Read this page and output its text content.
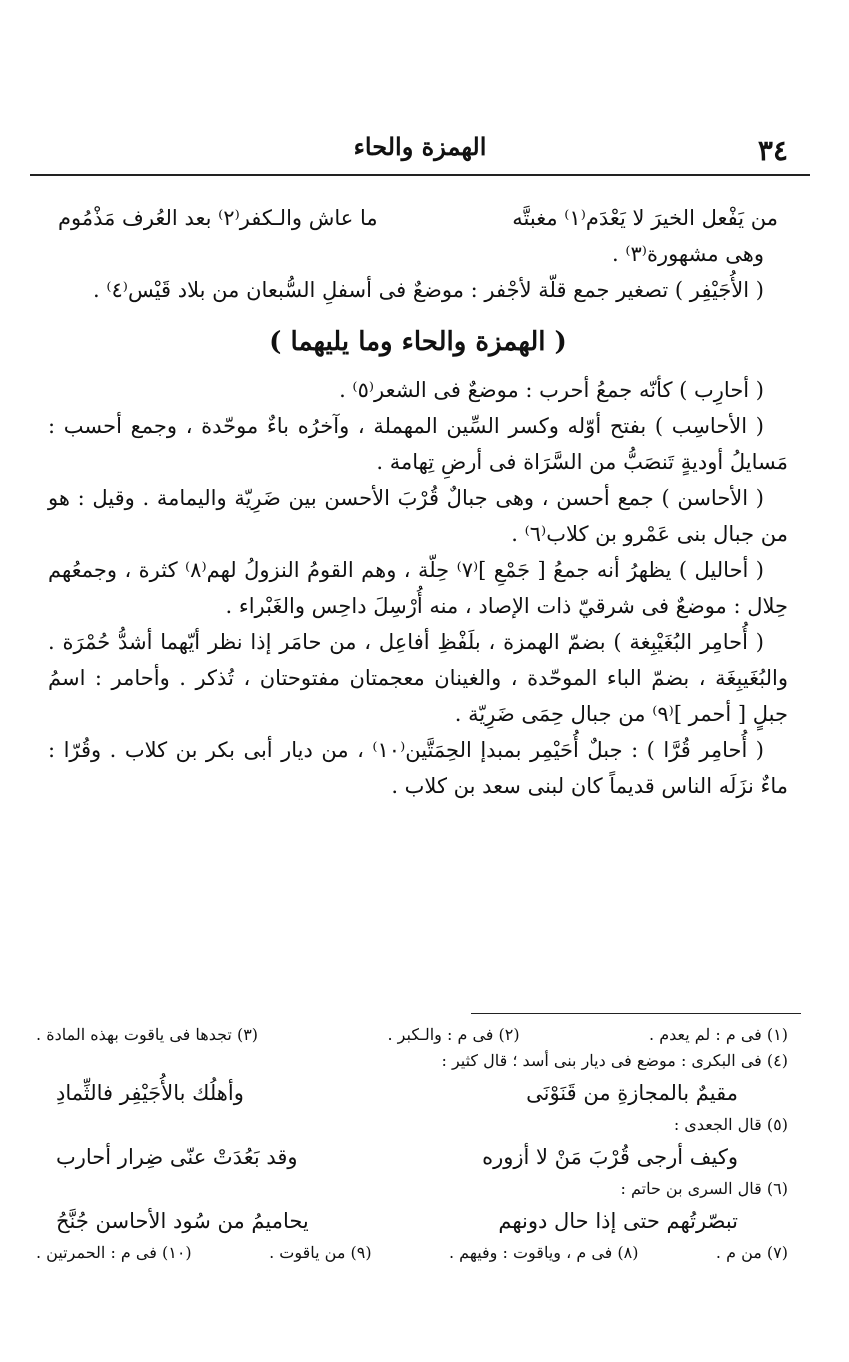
٣٤
الهمزة والحاء

من يَفْعل الخيرَ لا يَعْدَم⁽١⁾ مغبتَّه
ما عاش والـكفر⁽٢⁾ بعد العُرف مَذْمُوم

وهى مشهورة⁽٣⁾ .

( الأُجَيْفِر ) تصغير جمع قلّة لأجْفر : موضعٌ فى أسفلِ السُّبعان من بلاد قَيْس⁽٤⁾ .

( الهمزة والحاء وما يليهما )

( أحارِب ) كأنّه جمعُ أحرب : موضعٌ فى الشعر⁽٥⁾ .

( الأحاسِب ) بفتح أوّله وكسر السِّين المهملة ، وآخرُه باءٌ موحّدة ، وجمع أحسب : مَسايلُ أوديةٍ تَنصَبُّ من السَّرَاة فى أرضِ تِهامة .

( الأحاسن ) جمع أحسن ، وهى جبالٌ قُرْبَ الأحسن بين ضَرِيّة واليمامة . وقيل : هو من جبال بنى عَمْرو بن كلاب⁽٦⁾ .

( أحاليل ) يظهرُ أنه جمعُ [ جَمْعِ ]⁽٧⁾ حِلّة ، وهم القومُ النزولُ لهم⁽٨⁾ كثرة ، وجمعُهم حِلال : موضعٌ فى شرقيّ ذات الإصاد ، منه أُرْسِلَ داحِس والغَبْراء .

( أُحامِر البُغَيْبِغة ) بضمّ الهمزة ، بلَفْظِ أفاعِل ، من حامَر إذا نظر أيّهما أشدُّ حُمْرَة . والبُغَيبِغَة ، بضمّ الباء الموحّدة ، والغينان معجمتان مفتوحتان ، تُذكر . وأحامر : اسمُ جبلٍ [ أحمر ]⁽٩⁾ من جبال حِمَى ضَرِيّة .

( أُحامِر قُرَّا ) : جبلٌ أُحَيْمِر بمبدإ الحِمَتَّين⁽١٠⁾ ، من ديار أبى بكر بن كلاب . وقُرّا : ماءٌ نزَلَه الناس قديماً كان لبنى سعد بن كلاب .

(١) فى م : لم يعدم .
(٢) فى م : والـكبر .
(٣) تجدها فى ياقوت بهذه المادة .

(٤) فى البكرى : موضع فى ديار بنى أسد ؛ قال كثير :

مقيمٌ بالمجازةِ من قَنَوْنَى
وأهلُك بالأُجَيْفِر فالثِّمادِ

(٥) قال الجعدى :

وكيف أرجى قُرْبَ مَنْ لا أزوره
وقد بَعُدَتْ عنّى ضِرار أحارب

(٦) قال السرى بن حاتم :

تبصّرتُهم حتى إذا حال دونهم
يحاميمُ من سُود الأحاسن جُنَّحُ
(٧) من م .
(٨) فى م ، وياقوت : وفيهم .
(٩) من ياقوت .
(١٠) فى م : الحمرتين .
